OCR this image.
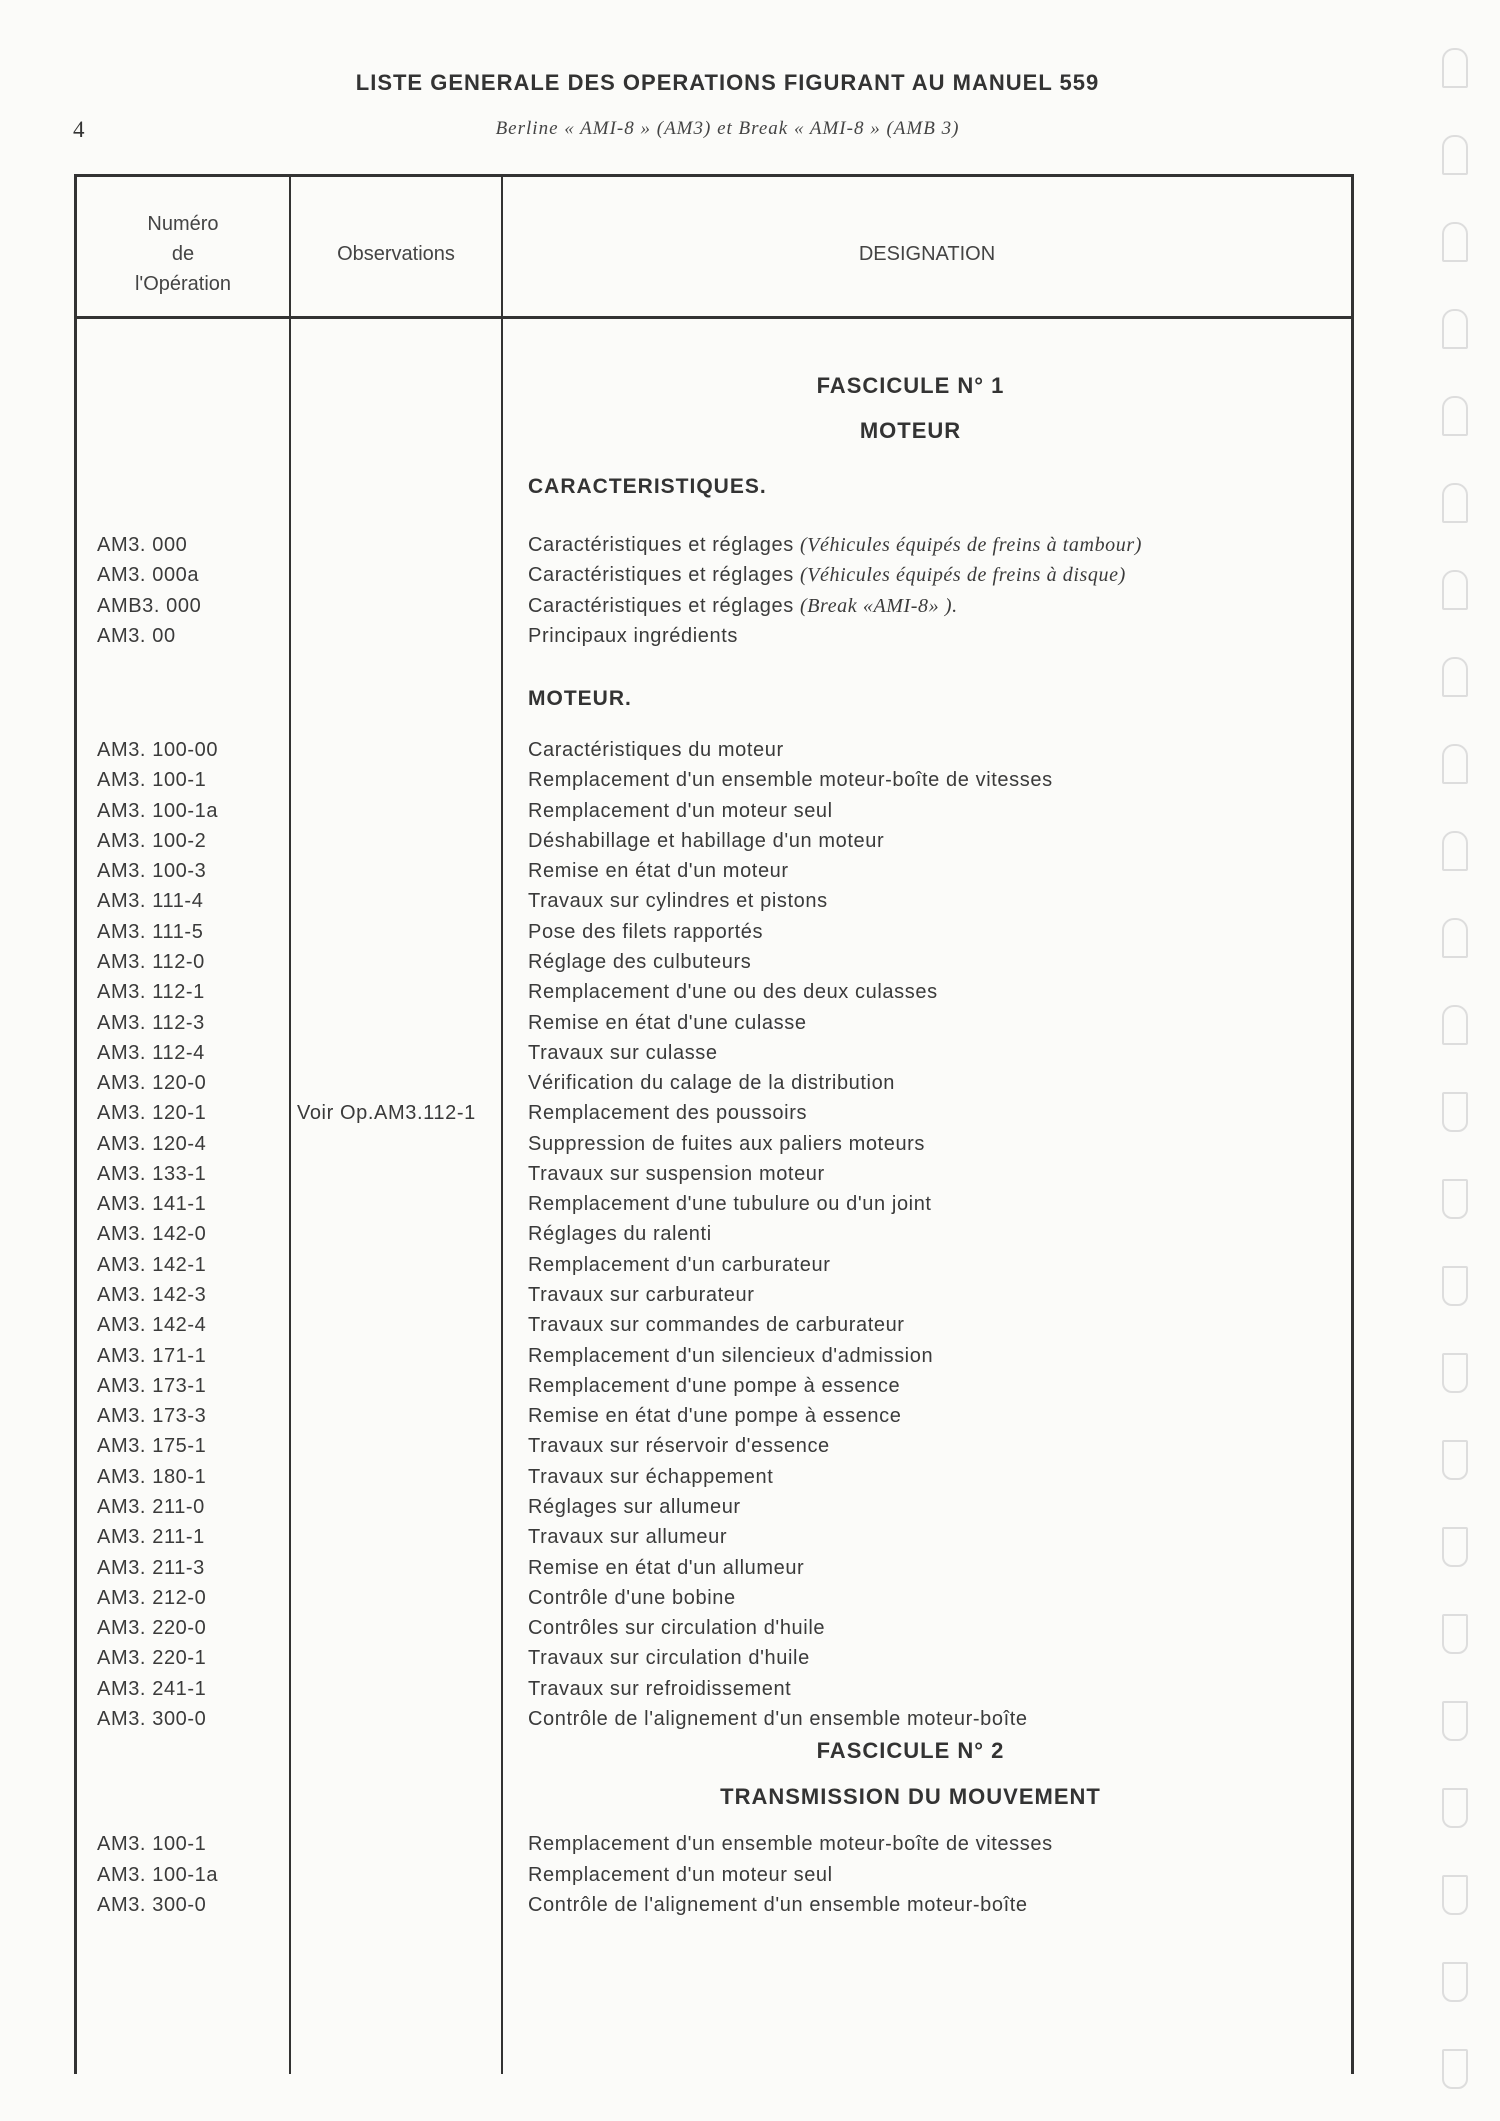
LISTE GENERALE DES OPERATIONS FIGURANT AU MANUEL 559
4	Berline « AMI-8 » (AM3) et Break « AMI-8 » (AMB 3)
Numéro
de
l'Opération
Observations	DESIGNATION
FASCICULE N° 1
MOTEUR
CARACTERISTIQUES.
AM3. 000	Caractéristiques et réglages (Véhicules équipés de freins à tambour)
AM3. 000a	Caractéristiques et réglages (Véhicules équipés de freins à disque)
AMB3. 000	Caractéristiques et réglages (Break «AMI-8» ).
AM3. 00	Principaux ingrédients
MOTEUR.
AM3. 100-00	Caractéristiques du moteur
AM3. 100-1	Remplacement d'un ensemble moteur-boîte de vitesses
AM3. 100-1a	Remplacement d'un moteur seul
AM3. 100-2	Déshabillage et habillage d'un moteur
AM3. 100-3	Remise en état d'un moteur
AM3. 111-4	Travaux sur cylindres et pistons
AM3. 111-5	Pose des filets rapportés
AM3. 112-0	Réglage des culbuteurs
AM3. 112-1	Remplacement d'une ou des deux culasses
AM3. 112-3	Remise en état d'une culasse
AM3. 112-4	Travaux sur culasse
AM3. 120-0	Vérification du calage de la distribution
AM3. 120-1	Voir Op.AM3.112-1	Remplacement des poussoirs
AM3. 120-4	Suppression de fuites aux paliers moteurs
AM3. 133-1	Travaux sur suspension moteur
AM3. 141-1	Remplacement d'une tubulure ou d'un joint
AM3. 142-0	Réglages du ralenti
AM3. 142-1	Remplacement d'un carburateur
AM3. 142-3	Travaux sur carburateur
AM3. 142-4	Travaux sur commandes de carburateur
AM3. 171-1	Remplacement d'un silencieux d'admission
AM3. 173-1	Remplacement d'une pompe à essence
AM3. 173-3	Remise en état d'une pompe à essence
AM3. 175-1	Travaux sur réservoir d'essence
AM3. 180-1	Travaux sur échappement
AM3. 211-0	Réglages sur allumeur
AM3. 211-1	Travaux sur allumeur
AM3. 211-3	Remise en état d'un allumeur
AM3. 212-0	Contrôle d'une bobine
AM3. 220-0	Contrôles sur circulation d'huile
AM3. 220-1	Travaux sur circulation d'huile
AM3. 241-1	Travaux sur refroidissement
AM3. 300-0	Contrôle de l'alignement d'un ensemble moteur-boîte
FASCICULE N° 2
TRANSMISSION DU MOUVEMENT
AM3. 100-1	Remplacement d'un ensemble moteur-boîte de vitesses
AM3. 100-1a	Remplacement d'un moteur seul
AM3. 300-0	Contrôle de l'alignement d'un ensemble moteur-boîte
